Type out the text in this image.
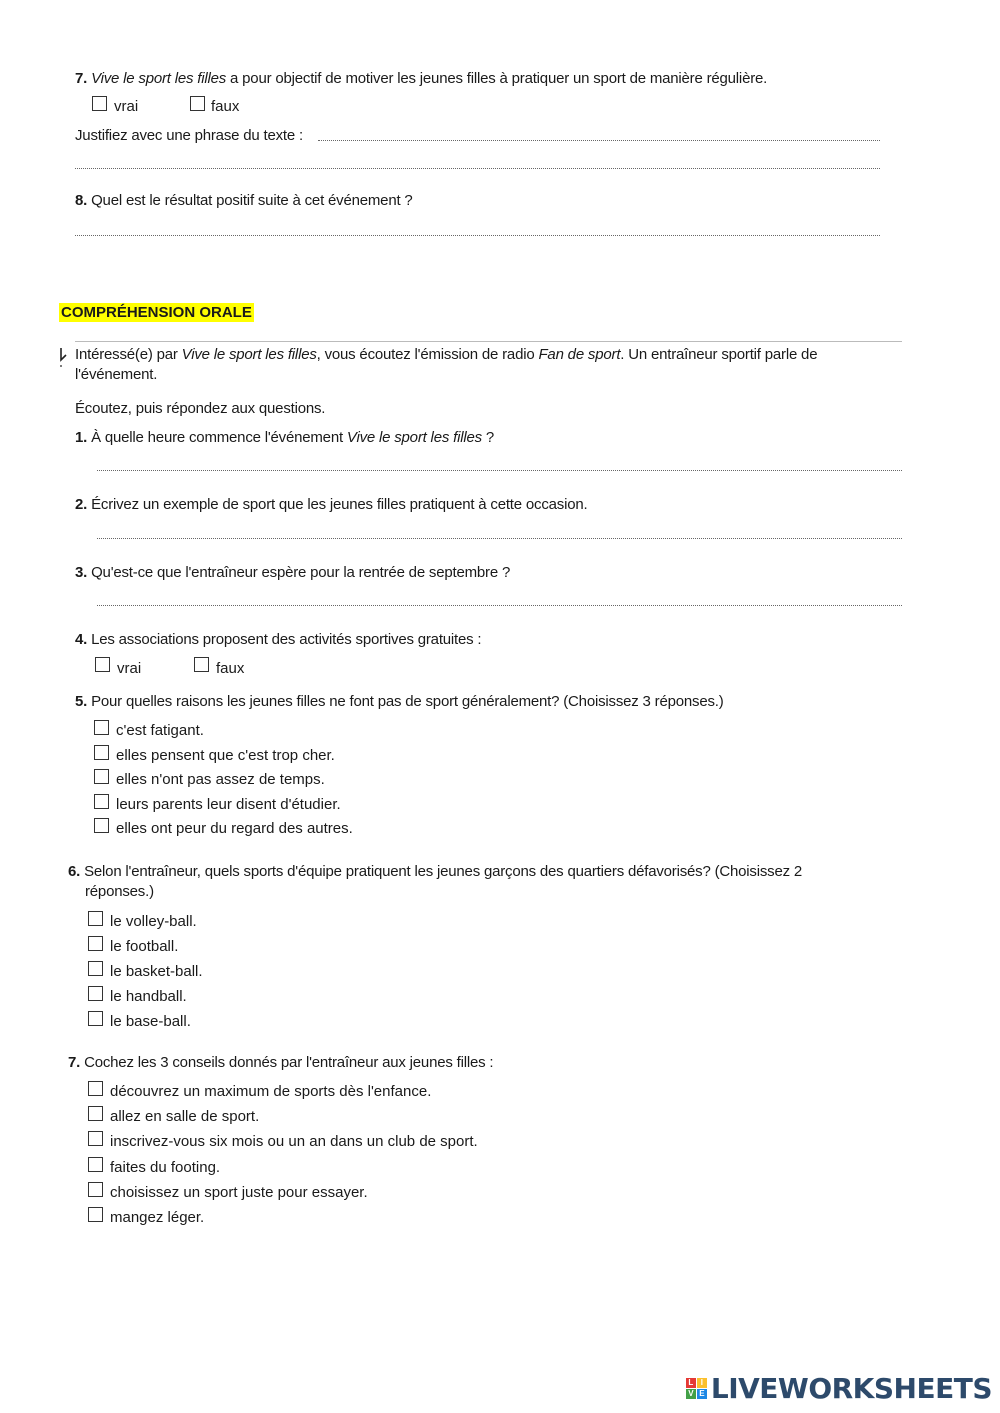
7. Vive le sport les filles a pour objectif de motiver les jeunes filles à pratiquer un sport de manière régulière.
vrai	faux
Justifiez avec une phrase du texte :
8. Quel est le résultat positif suite à cet événement ?
COMPRÉHENSION ORALE
Intéressé(e) par Vive le sport les filles, vous écoutez l'émission de radio Fan de sport. Un entraîneur sportif parle de
l'événement.
Écoutez, puis répondez aux questions.
1. À quelle heure commence l'événement Vive le sport les filles ?
2. Écrivez un exemple de sport que les jeunes filles pratiquent à cette occasion.
3. Qu'est-ce que l'entraîneur espère pour la rentrée de septembre ?
4. Les associations proposent des activités sportives gratuites :
vrai	faux
5. Pour quelles raisons les jeunes filles ne font pas de sport généralement? (Choisissez 3 réponses.)
c'est fatigant.
elles pensent que c'est trop cher.
elles n'ont pas assez de temps.
leurs parents leur disent d'étudier.
elles ont peur du regard des autres.
6. Selon l'entraîneur, quels sports d'équipe pratiquent les jeunes garçons des quartiers défavorisés? (Choisissez 2
réponses.)
le volley-ball.
le football.
le basket-ball.
le handball.
le base-ball.
7. Cochez les 3 conseils donnés par l'entraîneur aux jeunes filles :
découvrez un maximum de sports dès l'enfance.
allez en salle de sport.
inscrivez-vous six mois ou un an dans un club de sport.
faites du footing.
choisissez un sport juste pour essayer.
mangez léger.
L I
V E LIVEWORKSHEETS
